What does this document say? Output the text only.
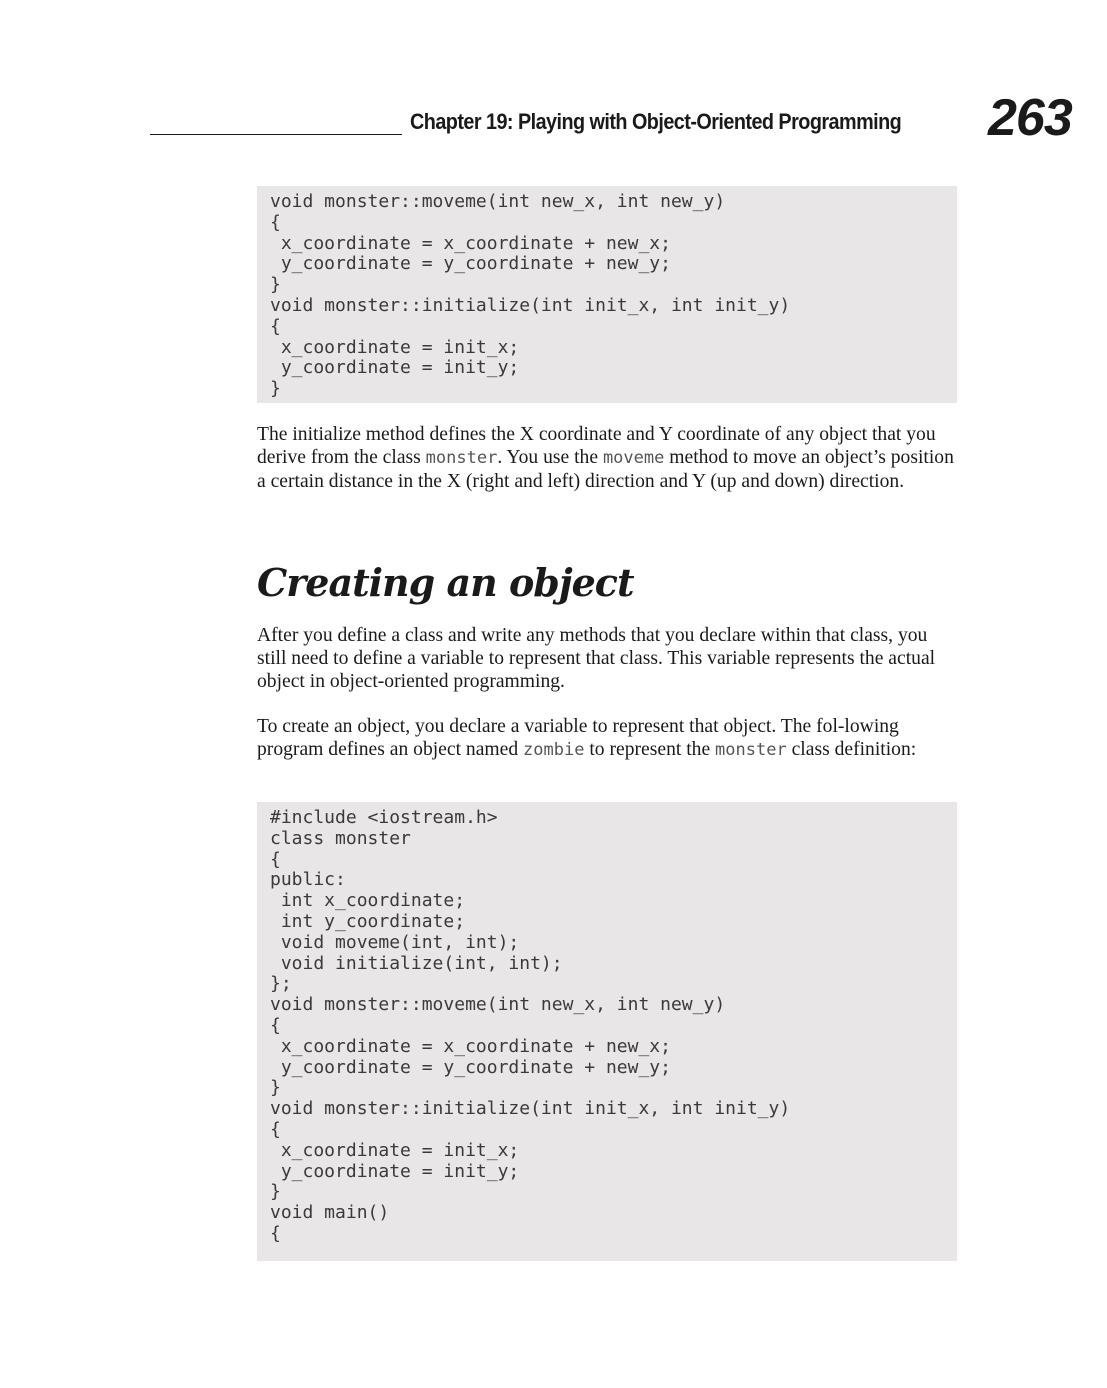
Chapter 19: Playing with Object-Oriented Programming 263
void monster::moveme(int new_x, int new_y)
{
x_coordinate = x_coordinate + new_x;
y_coordinate = y_coordinate + new_y;
}
void monster::initialize(int init_x, int init_y)
{
x_coordinate = init_x;
y_coordinate = init_y;
}

The initialize method defines the X coordinate and Y coordinate of any object that you derive from the class monster. You use the moveme method to move an object’s position a certain distance in the X (right and left) direction and Y (up and down) direction.

Creating an object

After you define a class and write any methods that you declare within that class, you still need to define a variable to represent that class. This variable represents the actual object in object-oriented programming.

To create an object, you declare a variable to represent that object. The fol-lowing program defines an object named zombie to represent the monster class definition:

#include <iostream.h>
class monster
{
public:
int x_coordinate;
int y_coordinate;
void moveme(int, int);
void initialize(int, int);
};
void monster::moveme(int new_x, int new_y)
{
x_coordinate = x_coordinate + new_x;
y_coordinate = y_coordinate + new_y;
}
void monster::initialize(int init_x, int init_y)
{
x_coordinate = init_x;
y_coordinate = init_y;
}
void main()
{
